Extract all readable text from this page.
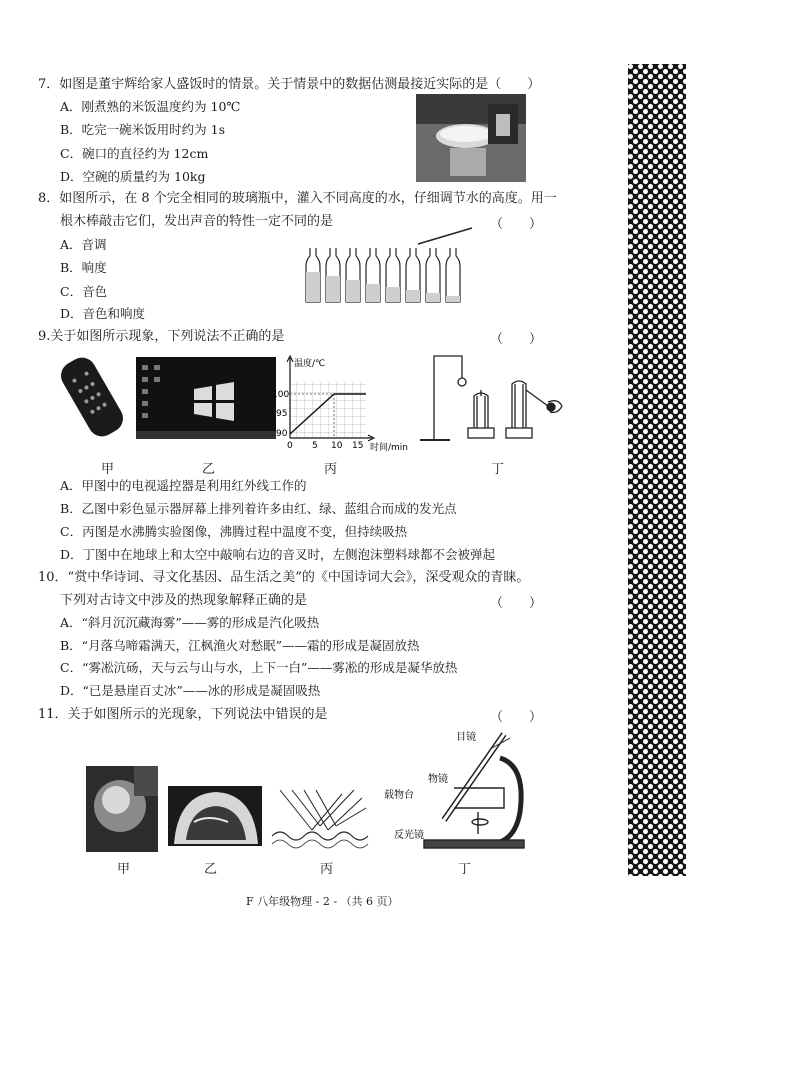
7．如图是董宇辉给家人盛饭时的情景。关于情景中的数据估测最接近实际的是（　　）
A．刚煮熟的米饭温度约为 10℃
B．吃完一碗米饭用时约为 1s
C．碗口的直径约为 12cm
D．空碗的质量约为 10kg
8．如图所示，在 8 个完全相同的玻璃瓶中，灌入不同高度的水，仔细调节水的高度。用一
根木棒敲击它们，发出声音的特性一定不同的是	（　　）
A．音调
B．响度
C．音色
D．音色和响度
9.关于如图所示现象，下列说法不正确的是	（　　）
温度/℃
时间/min
100
95
90
0 5 10 15
甲	乙	丙	丁
A．甲图中的电视遥控器是利用红外线工作的
B．乙图中彩色显示器屏幕上排列着许多由红、绿、蓝组合而成的发光点
C．丙图是水沸腾实验图像，沸腾过程中温度不变，但持续吸热
D．丁图中在地球上和太空中敲响右边的音叉时，左侧泡沫塑料球都不会被弹起
10．“赏中华诗词、寻文化基因、品生活之美”的《中国诗词大会》，深受观众的青睐。
下列对古诗文中涉及的热现象解释正确的是	（　　）
A．“斜月沉沉藏海雾”——雾的形成是汽化吸热
B．“月落乌啼霜满天，江枫渔火对愁眠”——霜的形成是凝固放热
C．“雾凇沆砀，天与云与山与水，上下一白”——雾凇的形成是凝华放热
D．“已是悬崖百丈冰”——冰的形成是凝固吸热
11．关于如图所示的光现象，下列说法中错误的是	（　　）
目镜
物镜
载物台
反光镜
甲	乙	丙	丁
F 八年级物理 - 2 - （共 6 页）
